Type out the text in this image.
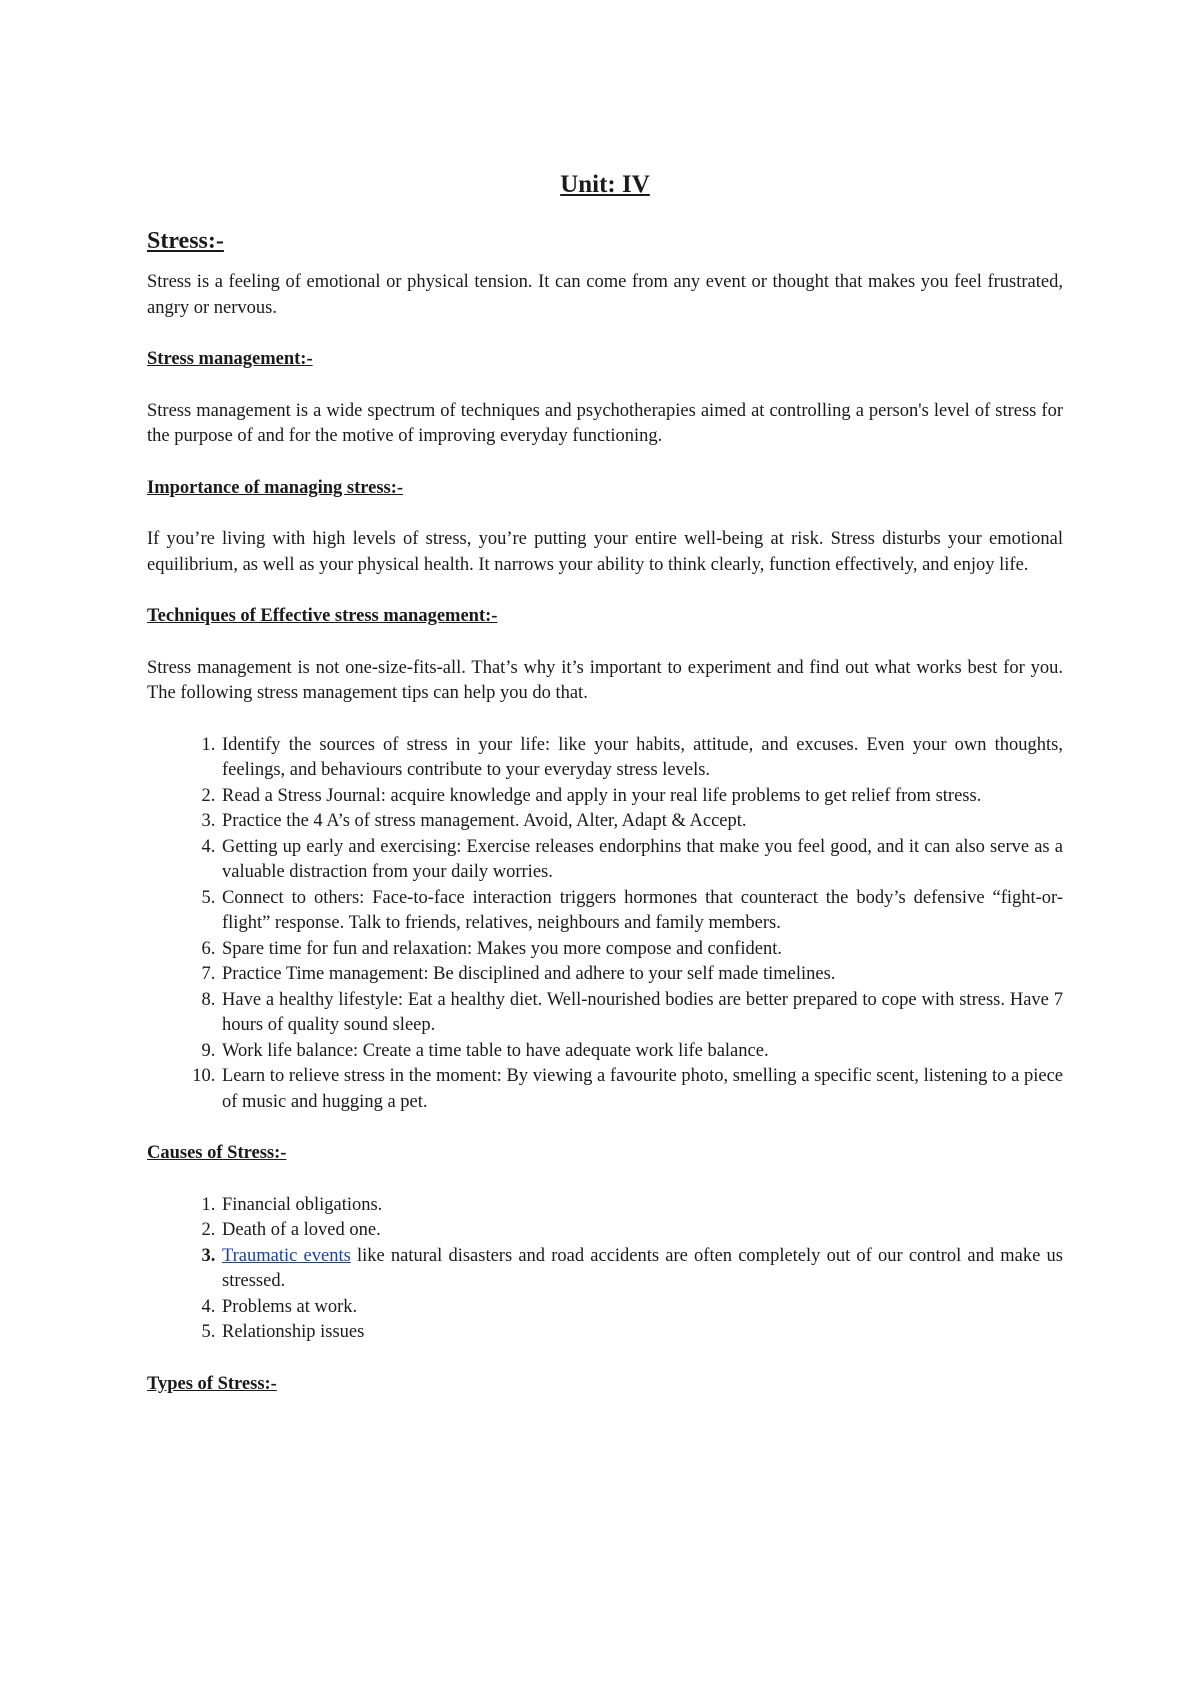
Unit: IV
Stress:-

Stress is a feeling of emotional or physical tension. It can come from any event or thought that makes you feel frustrated, angry or nervous.

Stress management:-

Stress management is a wide spectrum of techniques and psychotherapies aimed at controlling a person's level of stress for the purpose of and for the motive of improving everyday functioning.

Importance of managing stress:-

If you’re living with high levels of stress, you’re putting your entire well-being at risk. Stress disturbs your emotional equilibrium, as well as your physical health. It narrows your ability to think clearly, function effectively, and enjoy life.

Techniques of Effective stress management:-

Stress management is not one-size-fits-all. That’s why it’s important to experiment and find out what works best for you. The following stress management tips can help you do that.

1. Identify the sources of stress in your life: like your habits, attitude, and excuses. Even your own thoughts, feelings, and behaviours contribute to your everyday stress levels.
2. Read a Stress Journal: acquire knowledge and apply in your real life problems to get relief from stress.
3. Practice the 4 A’s of stress management. Avoid, Alter, Adapt & Accept.
4. Getting up early and exercising: Exercise releases endorphins that make you feel good, and it can also serve as a valuable distraction from your daily worries.
5. Connect to others: Face-to-face interaction triggers hormones that counteract the body’s defensive “fight-or-flight” response. Talk to friends, relatives, neighbours and family members.
6. Spare time for fun and relaxation: Makes you more compose and confident.
7. Practice Time management: Be disciplined and adhere to your self made timelines.
8. Have a healthy lifestyle: Eat a healthy diet. Well-nourished bodies are better prepared to cope with stress. Have 7 hours of quality sound sleep.
9. Work life balance: Create a time table to have adequate work life balance.
10. Learn to relieve stress in the moment: By viewing a favourite photo, smelling a specific scent, listening to a piece of music and hugging a pet.
Causes of Stress:-
1. Financial obligations.
2. Death of a loved one.
3. Traumatic events like natural disasters and road accidents are often completely out of our control and make us stressed.
4. Problems at work.
5. Relationship issues
Types of Stress:-
